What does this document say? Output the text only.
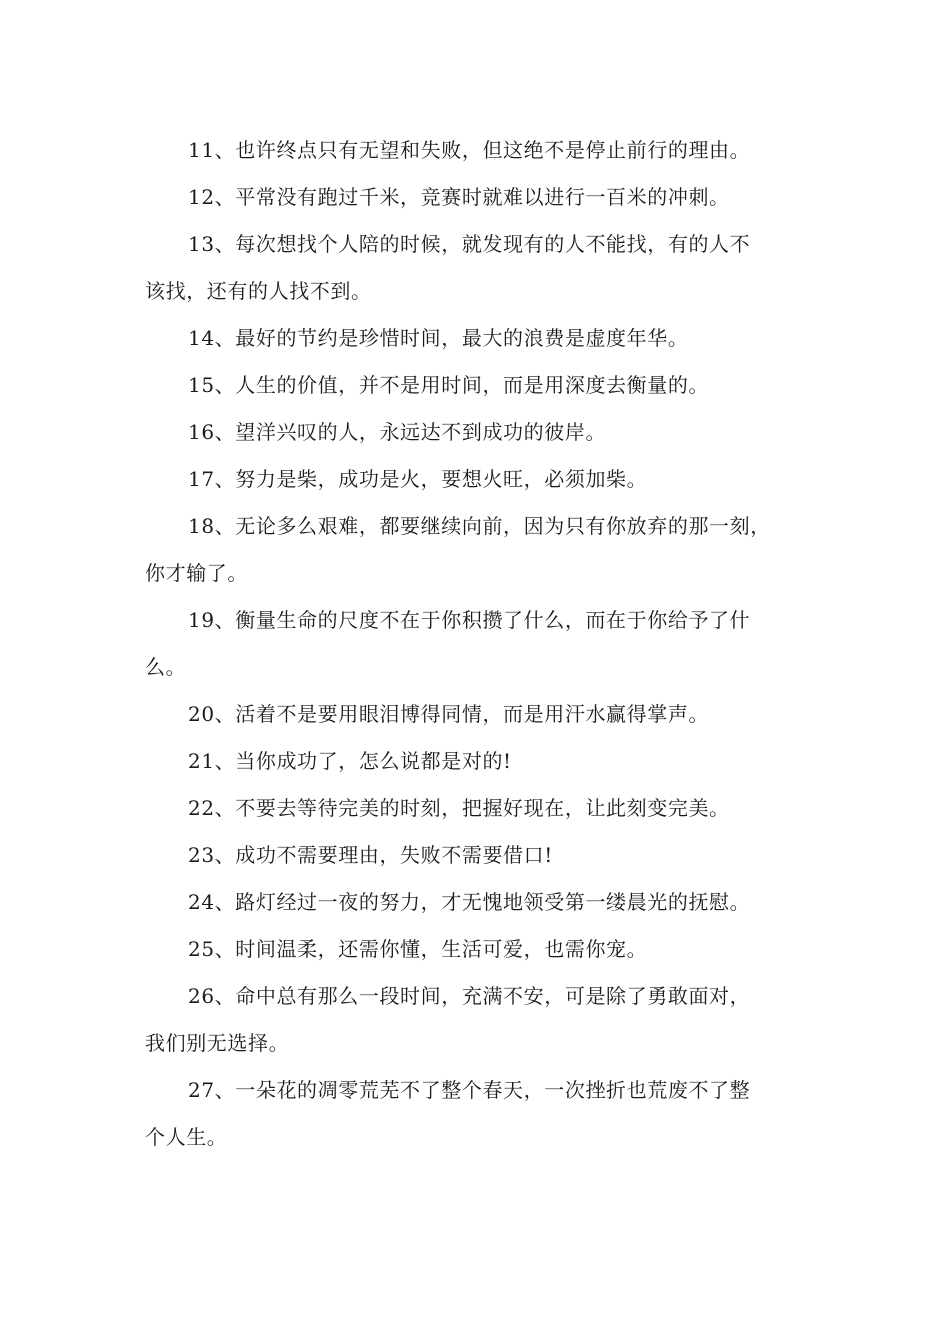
11、也许终点只有无望和失败，但这绝不是停止前行的理由。

12、平常没有跑过千米，竞赛时就难以进行一百米的冲刺。

13、每次想找个人陪的时候，就发现有的人不能找，有的人不
该找，还有的人找不到。

14、最好的节约是珍惜时间，最大的浪费是虚度年华。

15、人生的价值，并不是用时间，而是用深度去衡量的。

16、望洋兴叹的人，永远达不到成功的彼岸。

17、努力是柴，成功是火，要想火旺，必须加柴。

18、无论多么艰难，都要继续向前，因为只有你放弃的那一刻，
你才输了。

19、衡量生命的尺度不在于你积攒了什么，而在于你给予了什
么。

20、活着不是要用眼泪博得同情，而是用汗水赢得掌声。

21、当你成功了，怎么说都是对的!

22、不要去等待完美的时刻，把握好现在，让此刻变完美。

23、成功不需要理由，失败不需要借口!

24、路灯经过一夜的努力，才无愧地领受第一缕晨光的抚慰。

25、时间温柔，还需你懂，生活可爱，也需你宠。

26、命中总有那么一段时间，充满不安，可是除了勇敢面对，
我们别无选择。

27、一朵花的凋零荒芜不了整个春天，一次挫折也荒废不了整
个人生。
